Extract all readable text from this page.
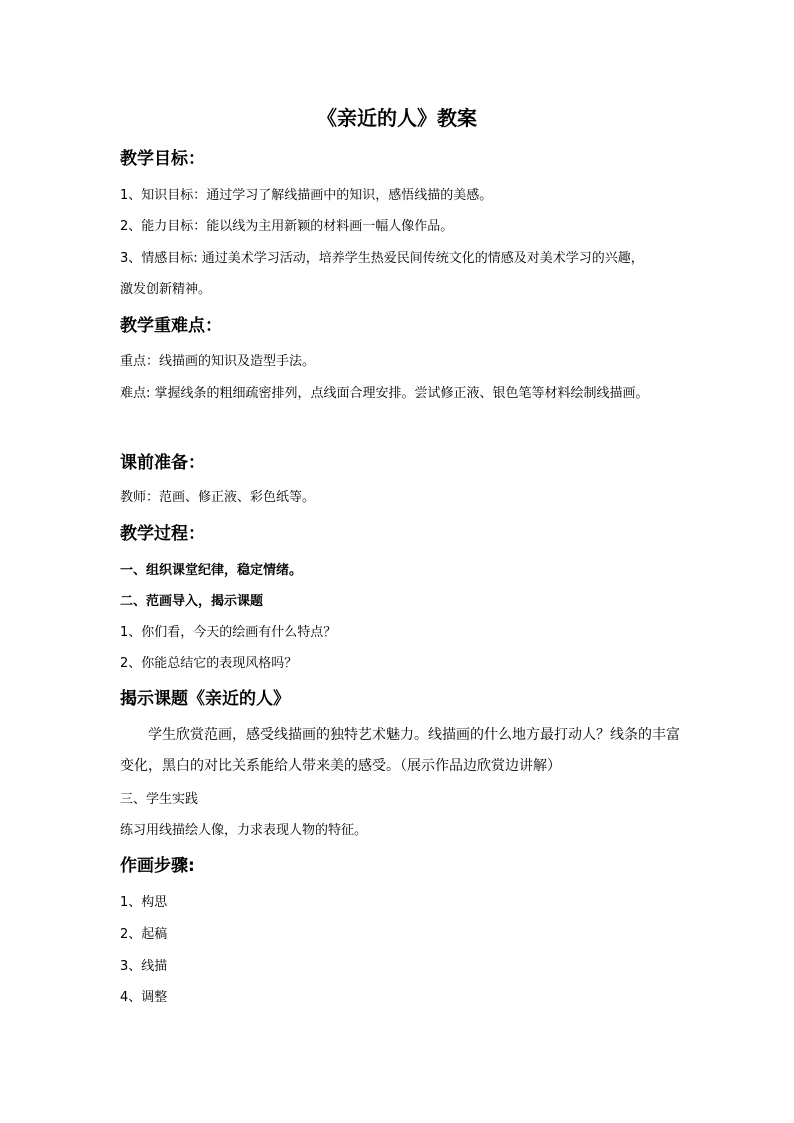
《亲近的人》教案
教学目标：
1、知识目标：通过学习了解线描画中的知识，感悟线描的美感。
2、能力目标：能以线为主用新颖的材料画一幅人像作品。
3、情感目标: 通过美术学习活动，培养学生热爱民间传统文化的情感及对美术学习的兴趣，
激发创新精神。
教学重难点：
重点：线描画的知识及造型手法。
难点: 掌握线条的粗细疏密排列，点线面合理安排。尝试修正液、银色笔等材料绘制线描画。
课前准备：
教师：范画、修正液、彩色纸等。
教学过程：
一、组织课堂纪律，稳定情绪。
二、范画导入，揭示课题
1、你们看，今天的绘画有什么特点？
2、你能总结它的表现风格吗？
揭示课题《亲近的人》
学生欣赏范画，感受线描画的独特艺术魅力。线描画的什么地方最打动人？线条的丰富
变化，黑白的对比关系能给人带来美的感受。（展示作品边欣赏边讲解）
三、学生实践
练习用线描绘人像，力求表现人物的特征。
作画步骤:
1、构思
2、起稿
3、线描
4、调整
